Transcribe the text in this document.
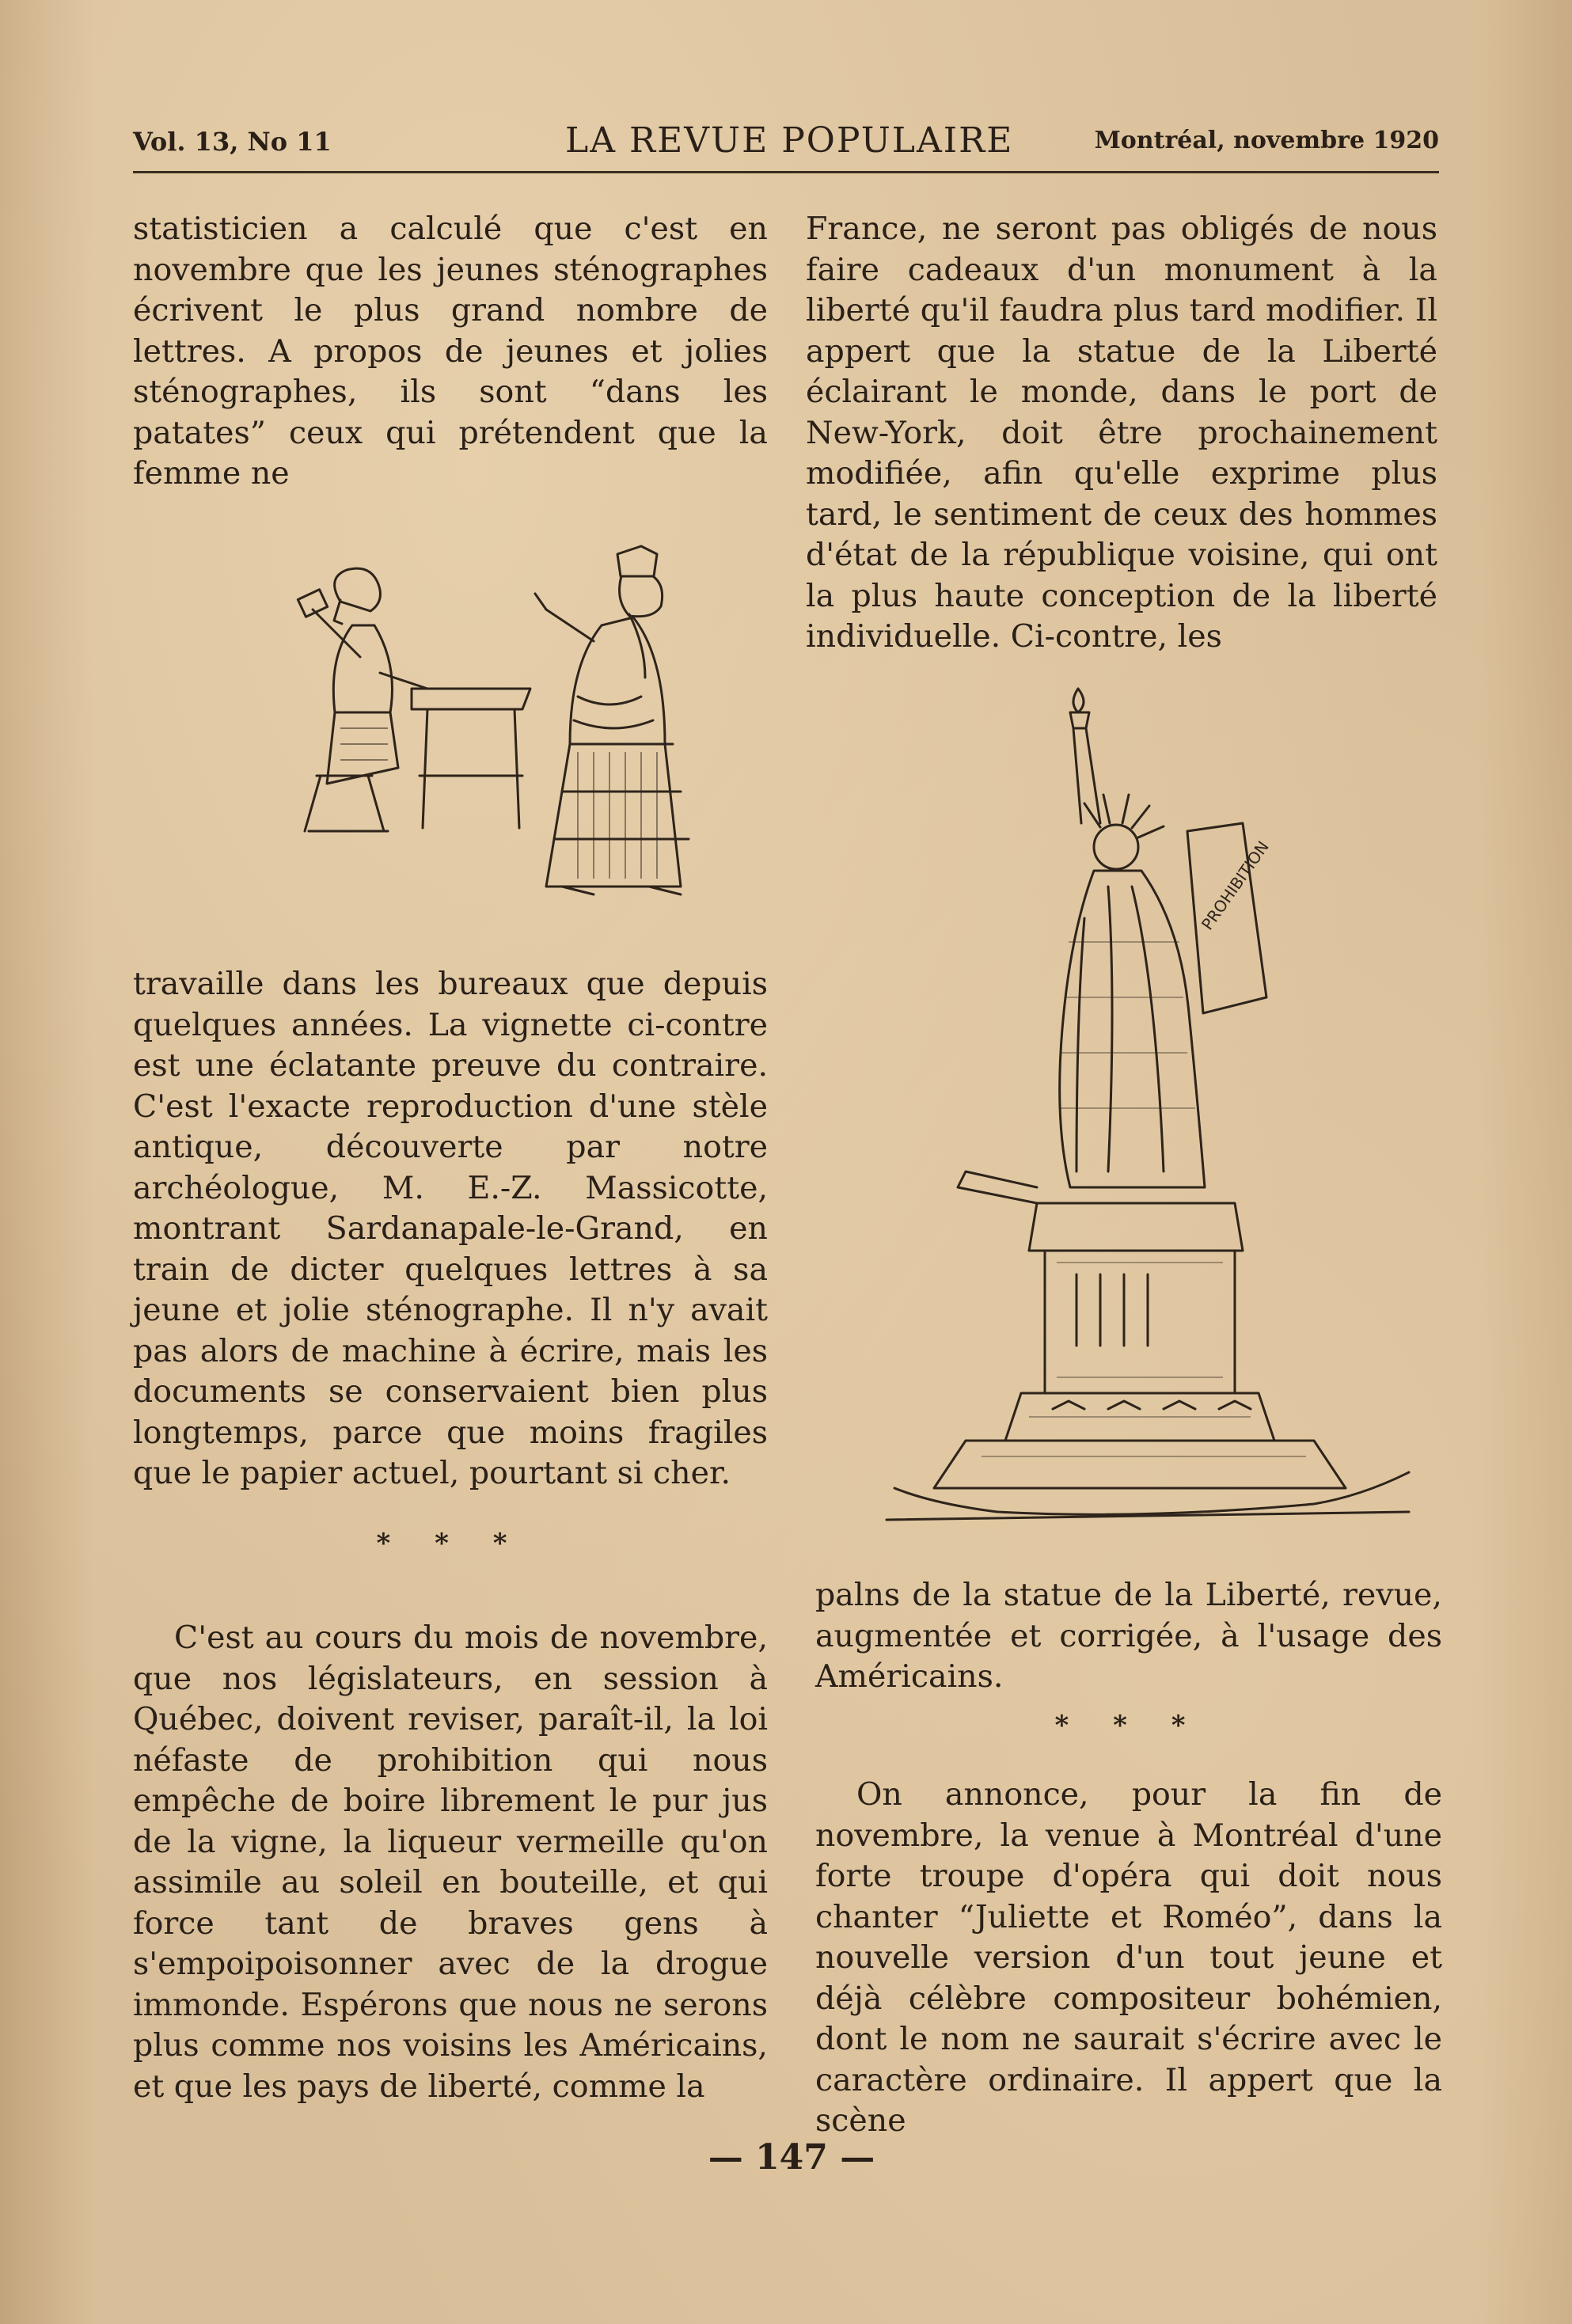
Vol. 13, No 11	LA REVUE POPULAIRE	Montréal, novembre 1920

statisticien a calculé que c'est en novembre que les jeunes sténographes écrivent le plus grand nombre de lettres. A propos de jeunes et jolies sténographes, ils sont “dans les patates” ceux qui prétendent que la femme ne

travaille dans les bureaux que depuis quelques années. La vignette ci-contre est une éclatante preuve du contraire. C'est l'exacte reproduction d'une stèle antique, découverte par notre archéologue, M. E.-Z. Massicotte, montrant Sardanapale-le-Grand, en train de dicter quelques lettres à sa jeune et jolie sténographe. Il n'y avait pas alors de machine à écrire, mais les documents se conservaient bien plus longtemps, parce que moins fragiles que le papier actuel, pourtant si cher.

* * *

C'est au cours du mois de novembre, que nos législateurs, en session à Québec, doivent reviser, paraît-il, la loi néfaste de prohibition qui nous empêche de boire librement le pur jus de la vigne, la liqueur vermeille qu'on assimile au soleil en bouteille, et qui force tant de braves gens à s'empoipoisonner avec de la drogue immonde. Espérons que nous ne serons plus comme nos voisins les Américains, et que les pays de liberté, comme la

France, ne seront pas obligés de nous faire cadeaux d'un monument à la liberté qu'il faudra plus tard modifier. Il appert que la statue de la Liberté éclairant le monde, dans le port de New-York, doit être prochainement modifiée, afin qu'elle exprime plus tard, le sentiment de ceux des hommes d'état de la république voisine, qui ont la plus haute conception de la liberté individuelle. Ci-contre, les

PROHIBITION

palns de la statue de la Liberté, revue, augmentée et corrigée, à l'usage des Américains.

* * *

On annonce, pour la fin de novembre, la venue à Montréal d'une forte troupe d'opéra qui doit nous chanter “Juliette et Roméo”, dans la nouvelle version d'un tout jeune et déjà célèbre compositeur bohémien, dont le nom ne saurait s'écrire avec le caractère ordinaire. Il appert que la scène

— 147 —
